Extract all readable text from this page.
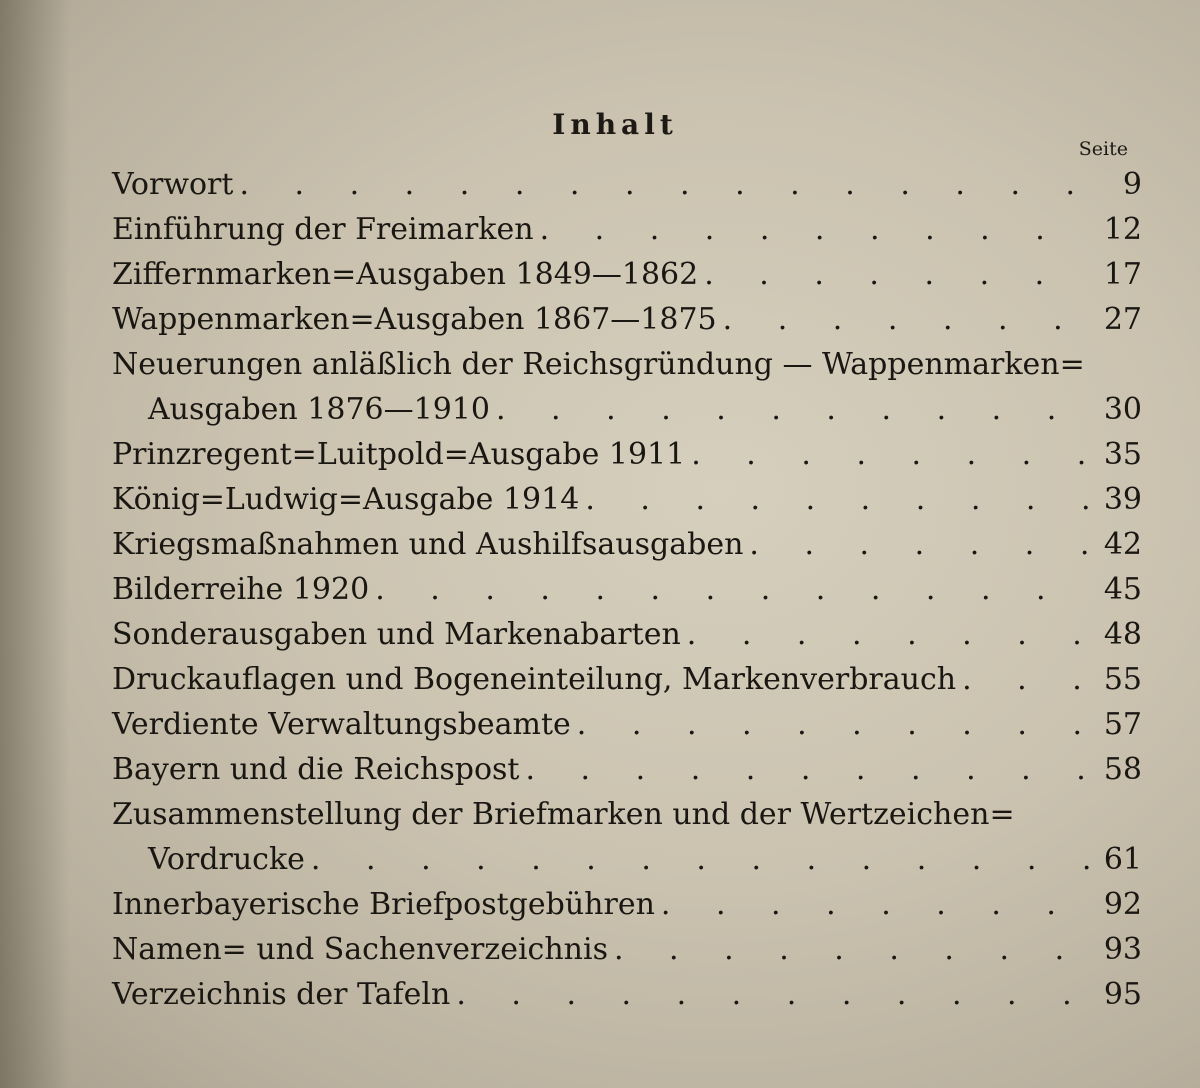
Inhalt
Seite
Vorwort . . .	9
Einführung der Freimarken . . .	12
Ziffernmarken=Ausgaben 1849—1862 . . .	17
Wappenmarken=Ausgaben 1867—1875 . . .	27
Neuerungen anläßlich der Reichsgründung — Wappenmarken=
Ausgaben 1876—1910 . . .	30
Prinzregent=Luitpold=Ausgabe 1911 . . .	35
König=Ludwig=Ausgabe 1914 . . .	39
Kriegsmaßnahmen und Aushilfsausgaben . . .	42
Bilderreihe 1920 . . .	45
Sonderausgaben und Markenabarten . . .	48
Druckauflagen und Bogeneinteilung, Markenverbrauch . . .	55
Verdiente Verwaltungsbeamte . . .	57
Bayern und die Reichspost . . .	58
Zusammenstellung der Briefmarken und der Wertzeichen=
Vordrucke . . .	61
Innerbayerische Briefpostgebühren . . .	92
Namen= und Sachenverzeichnis . . .	93
Verzeichnis der Tafeln . . .	95
